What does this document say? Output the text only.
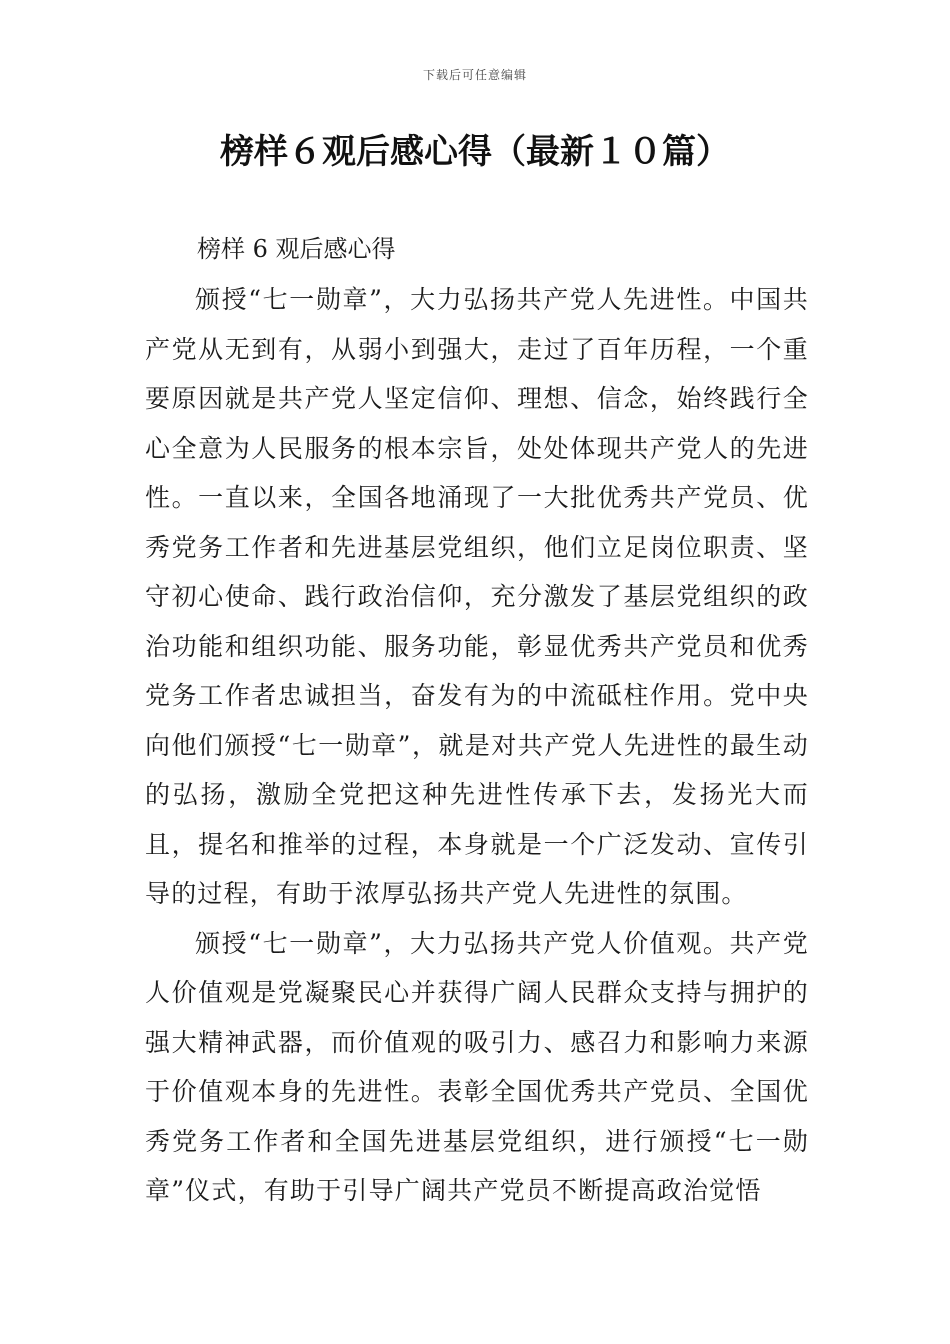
下载后可任意编辑
榜样６观后感心得（最新１０篇）

榜样 6 观后感心得

颁授“七一勋章”，大力弘扬共产党人先进性。中国共产党从无到有，从弱小到强大，走过了百年历程，一个重要原因就是共产党人坚定信仰、理想、信念，始终践行全心全意为人民服务的根本宗旨，处处体现共产党人的先进性。一直以来，全国各地涌现了一大批优秀共产党员、优秀党务工作者和先进基层党组织，他们立足岗位职责、坚守初心使命、践行政治信仰，充分激发了基层党组织的政治功能和组织功能、服务功能，彰显优秀共产党员和优秀党务工作者忠诚担当，奋发有为的中流砥柱作用。党中央向他们颁授“七一勋章”，就是对共产党人先进性的最生动的弘扬，激励全党把这种先进性传承下去，发扬光大而且，提名和推举的过程，本身就是一个广泛发动、宣传引导的过程，有助于浓厚弘扬共产党人先进性的氛围。

颁授“七一勋章”，大力弘扬共产党人价值观。共产党人价值观是党凝聚民心并获得广阔人民群众支持与拥护的强大精神武器，而价值观的吸引力、感召力和影响力来源于价值观本身的先进性。表彰全国优秀共产党员、全国优秀党务工作者和全国先进基层党组织，进行颁授“七一勋章”仪式，有助于引导广阔共产党员不断提高政治觉悟
